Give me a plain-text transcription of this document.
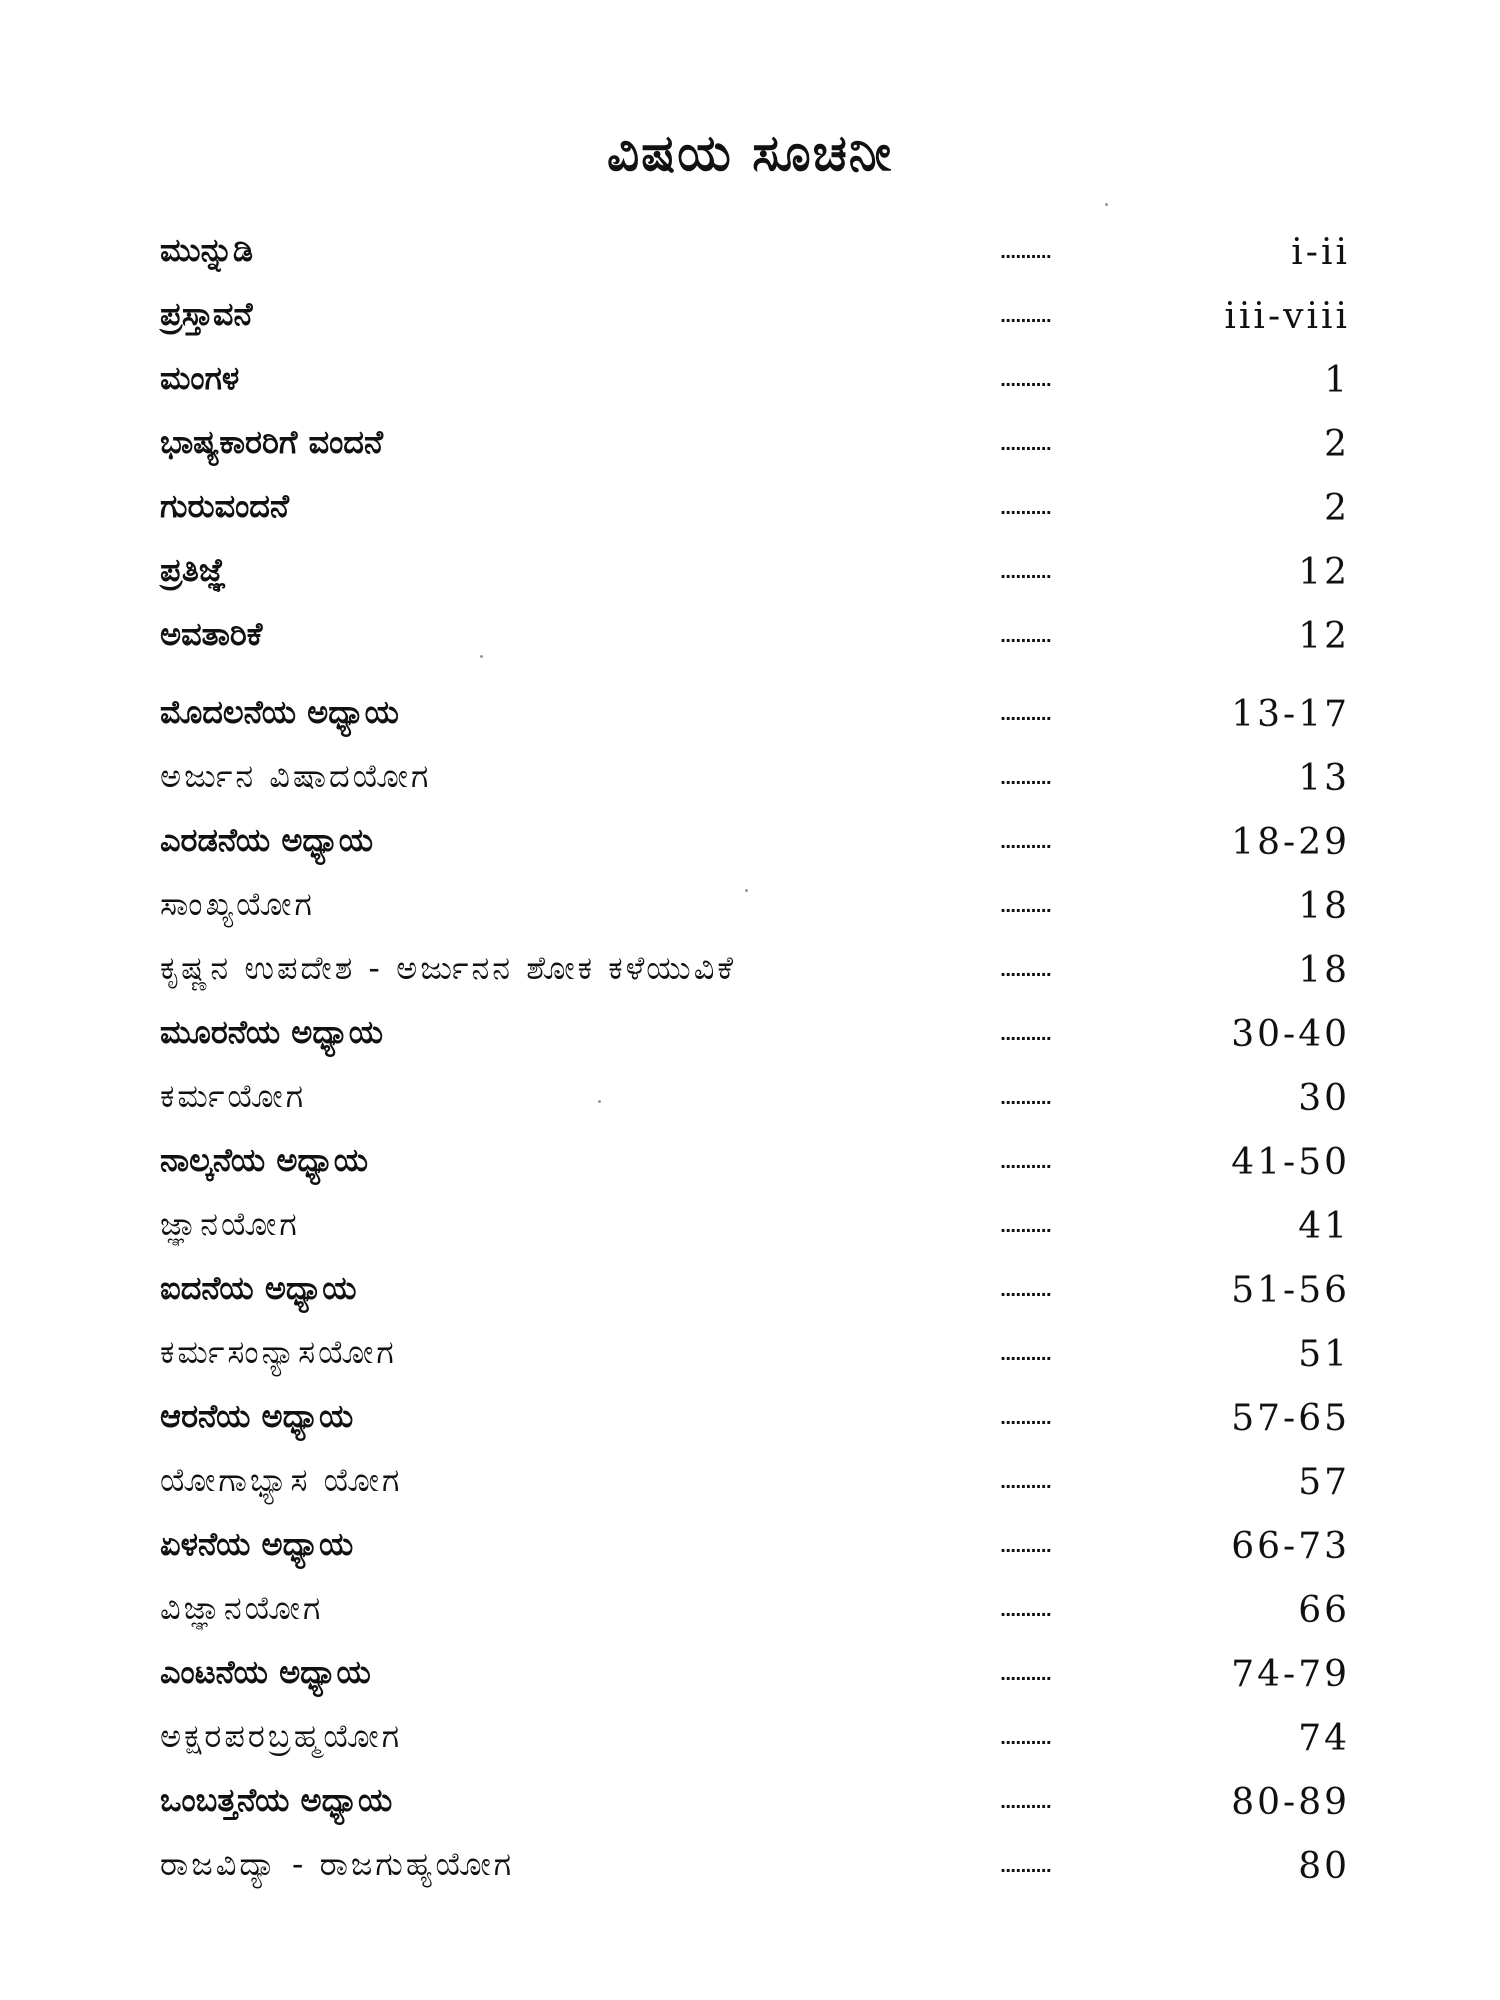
ವಿಷಯ ಸೂಚನೀ
ಮುನ್ನುಡಿ	..........	i-ii
ಪ್ರಸ್ತಾವನೆ	..........	iii-viii
ಮಂಗಳ	..........	1
ಭಾಷ್ಯಕಾರರಿಗೆ ವಂದನೆ	..........	2
ಗುರುವಂದನೆ	..........	2
ಪ್ರತಿಜ್ಞೆ	..........	12
ಅವತಾರಿಕೆ	..........	12
ಮೊದಲನೆಯ ಅಧ್ಯಾಯ	..........	13-17
ಅರ್ಜುನ ವಿಷಾದಯೋಗ	..........	13
ಎರಡನೆಯ ಅಧ್ಯಾಯ	..........	18-29
ಸಾಂಖ್ಯಯೋಗ	..........	18
ಕೃಷ್ಣನ ಉಪದೇಶ - ಅರ್ಜುನನ ಶೋಕ ಕಳೆಯುವಿಕೆ	..........	18
ಮೂರನೆಯ ಅಧ್ಯಾಯ	..........	30-40
ಕರ್ಮಯೋಗ	..........	30
ನಾಲ್ಕನೆಯ ಅಧ್ಯಾಯ	..........	41-50
ಜ್ಞಾನಯೋಗ	..........	41
ಐದನೆಯ ಅಧ್ಯಾಯ	..........	51-56
ಕರ್ಮಸಂನ್ಯಾಸಯೋಗ	..........	51
ಆರನೆಯ ಅಧ್ಯಾಯ	..........	57-65
ಯೋಗಾಭ್ಯಾಸ ಯೋಗ	..........	57
ಏಳನೆಯ ಅಧ್ಯಾಯ	..........	66-73
ವಿಜ್ಞಾನಯೋಗ	..........	66
ಎಂಟನೆಯ ಅಧ್ಯಾಯ	..........	74-79
ಅಕ್ಷರಪರಬ್ರಹ್ಮಯೋಗ	..........	74
ಒಂಬತ್ತನೆಯ ಅಧ್ಯಾಯ	..........	80-89
ರಾಜವಿದ್ಯಾ - ರಾಜಗುಹ್ಯಯೋಗ	..........	80
